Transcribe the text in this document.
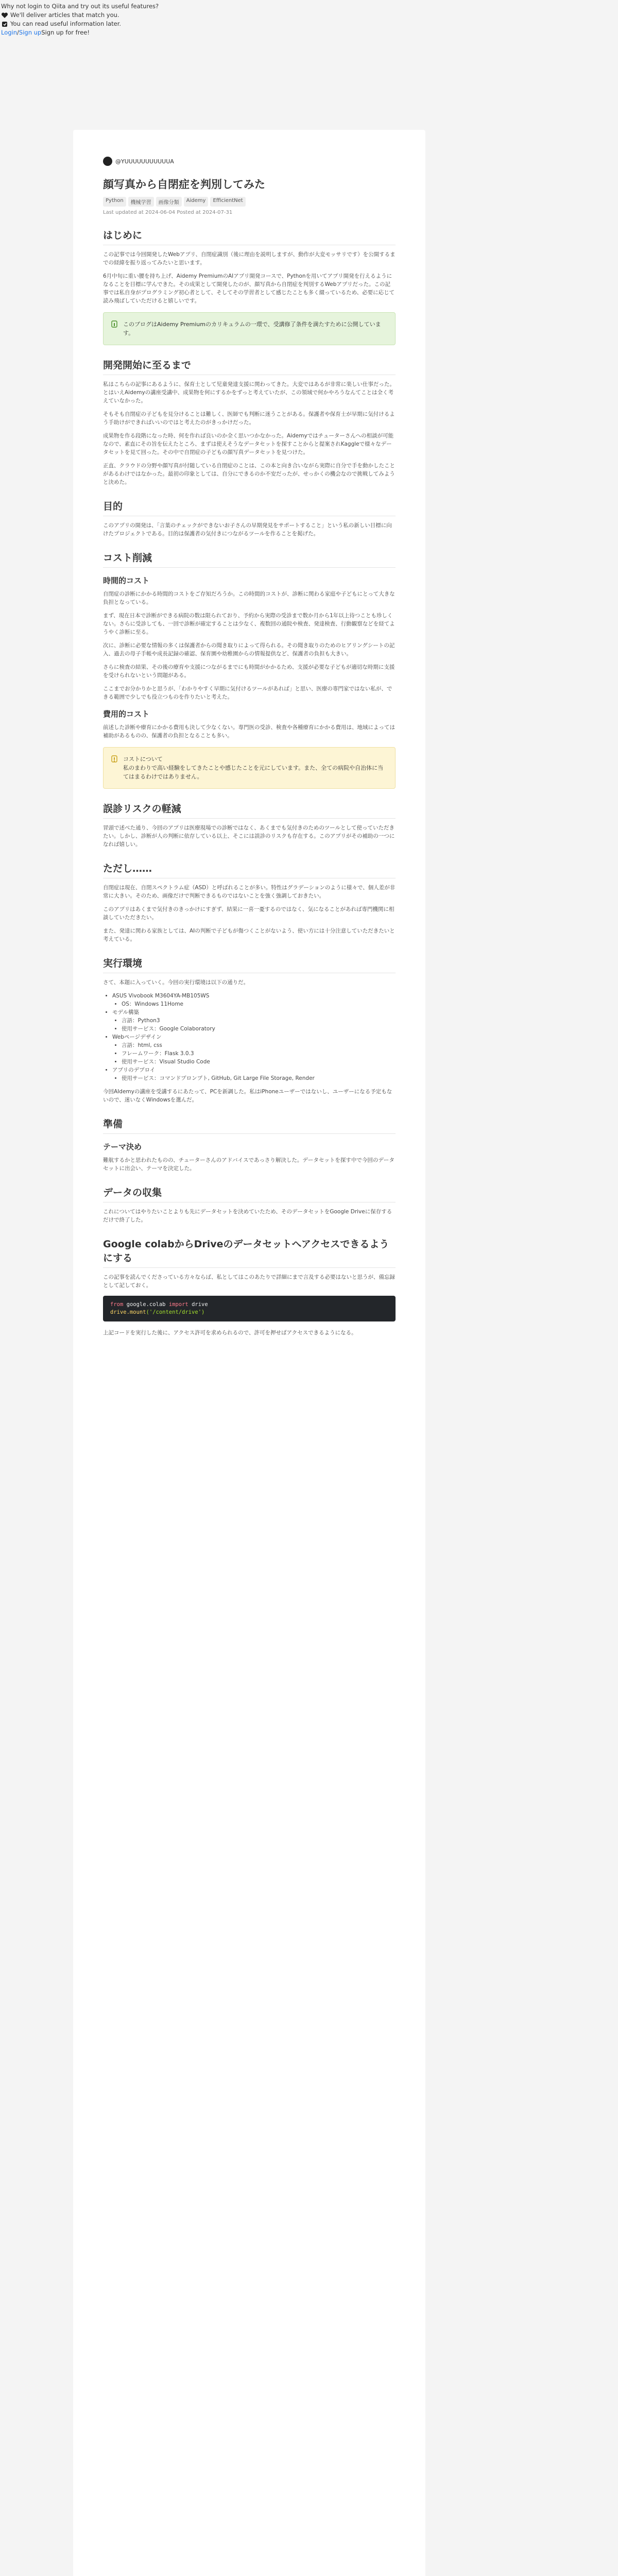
Why not login to Qiita and try out its useful features?
We'll deliver articles that match you.
You can read useful information later.
Login/Sign upSign up for free!
@YUUUUUUUUUUUA
顔写真から自閉症を判別してみた
Python	機械学習	画像分類	Aidemy	EfficientNet
Last updated at 2024-06-04 Posted at 2024-07-31
はじめに

この記事では今回開発したWebアプリ、自閉症識別（後に理由を説明しますが、動作が大変モッサリです）を公開するまでの経緯を振り返ってみたいと思います。

6月中旬に重い腰を持ち上げ、Aidemy PremiumのAIアプリ開発コースで、Pythonを用いてアプリ開発を行えるようになることを目標に学んできた。その成果として開発したのが、顔写真から自閉症を判別するWebアプリだった。この記事では私自身がプログラミング初心者として、そしてその学習者として感じたことも多く綴っているため、必要に応じて読み飛ばしていただけると嬉しいです。

このブログはAidemy Premiumのカリキュラムの一環で、受講修了条件を満たすために公開しています。
開発開始に至るまで

私はこちらの記事にあるように、保育士として児童発達支援に関わってきた。大変ではあるが非常に楽しい仕事だった。とはいえAidemyの講座受講中、成果物を何にするかをずっと考えていたが、この領域で何かやろうなんてことは全く考えていなかった。

そもそも自閉症の子どもを見分けることは難しく、医師でも判断に迷うことがある。保護者や保育士が早期に気付けるよう手助けができればいいのではと考えたのがきっかけだった。

成果物を作る段階になった時、何を作れば良いのか全く思いつかなかった。Aidemyではチューターさんへの相談が可能なので、素直にその旨を伝えたところ、まずは使えそうなデータセットを探すことからと提案されKaggleで様々なデータセットを見て回った。その中で自閉症の子どもの顔写真データセットを見つけた。

正直、クラウドの分野や顔写真が付随している自閉症のことは、この本と向き合いながら実際に自分で手を動かしたことがあるわけではなかった。最初の印象としては、自分にできるのか不安だったが、せっかくの機会なので挑戦してみようと決めた。

目的

このアプリの開発は、「言葉のチェックができないお子さんの早期発見をサポートすること」という私の新しい目標に向けたプロジェクトである。目的は保護者の気付きにつながるツールを作ることを掲げた。

コスト削減
時間的コスト

自閉症の診断にかかる時間的コストをご存知だろうか。この時間的コストが、診断に関わる家庭や子どもにとって大きな負担となっている。

まず、現在日本で診断ができる病院の数は限られており、予約から実際の受診まで数か月から1年以上待つことも珍しくない。さらに受診しても、一回で診断が確定することは少なく、複数回の通院や検査、発達検査、行動観察などを経てようやく診断に至る。

次に、診断に必要な情報の多くは保護者からの聞き取りによって得られる。その聞き取りのためのヒアリングシートの記入、過去の母子手帳や成長記録の確認、保育園や幼稚園からの情報提供など、保護者の負担も大きい。

さらに検査の結果、その後の療育や支援につながるまでにも時間がかかるため、支援が必要な子どもが適切な時期に支援を受けられないという問題がある。

ここまでお分かりかと思うが、「わかりやすく早期に気付けるツールがあれば」と思い、医療の専門家ではない私が、できる範囲で少しでも役立つものを作りたいと考えた。

費用的コスト

前述した診断や療育にかかる費用も決して少なくない。専門医の受診、検査や各種療育にかかる費用は、地域によっては補助があるものの、保護者の負担となることも多い。

コストについて
私のまわりで高い経験をしてきたことや感じたことを元にしています。また、全ての病院や自治体に当てはまるわけではありません。
誤診リスクの軽減

冒頭で述べた通り、今回のアプリは医療現場での診断ではなく、あくまでも気付きのためのツールとして使っていただきたい。しかし、診断が人の判断に依存している以上、そこには誤診のリスクも存在する。このアプリがその補助の一つになれば嬉しい。

ただし……

自閉症は現在、自閉スペクトラム症（ASD）と呼ばれることが多い。特性はグラデーションのように様々で、個人差が非常に大きい。そのため、画像だけで判断できるものではないことを強く強調しておきたい。

このアプリはあくまで気付きのきっかけにすぎず、結果に一喜一憂するのではなく、気になることがあれば専門機関に相談していただきたい。

また、発達に関わる家族としては、AIの判断で子どもが傷つくことがないよう、使い方には十分注意していただきたいと考えている。

実行環境

さて、本題に入っていく。今回の実行環境は以下の通りだ。

• ASUS Vivobook M3604YA-MB105WS
• OS：Windows 11Home
• モデル構築
• 言語：Python3
• 使用サービス：Google Colaboratory
• Webページデザイン
• 言語：html, css
• フレームワーク：Flask 3.0.3
• 使用サービス：Visual Studio Code
• アプリのデプロイ
• 使用サービス：コマンドプロンプト, GitHub, Git Large File Storage, Render

今回AIdemyの講座を受講するにあたって、PCを新調した。私はiPhoneユーザーではないし、ユーザーになる予定もないので、迷いなくWindowsを選んだ。

準備
テーマ決め

難航するかと思われたものの、チューターさんのアドバイスであっさり解決した。データセットを探す中で今回のデータセットに出会い、テーマを決定した。

データの収集

これについてはやりたいことよりも先にデータセットを決めていたため、そのデータセットをGoogle Driveに保存するだけで終了した。

Google colabからDriveのデータセットへアクセスできるようにする

この記事を読んでくださっている方々ならば、私としてはこのあたりで詳細にまで言及する必要はないと思うが、備忘録として記しておく。

from google.colab import drive
drive.mount('/content/drive')

上記コードを実行した後に、アクセス許可を求められるので、許可を押せばアクセスできるようになる。
